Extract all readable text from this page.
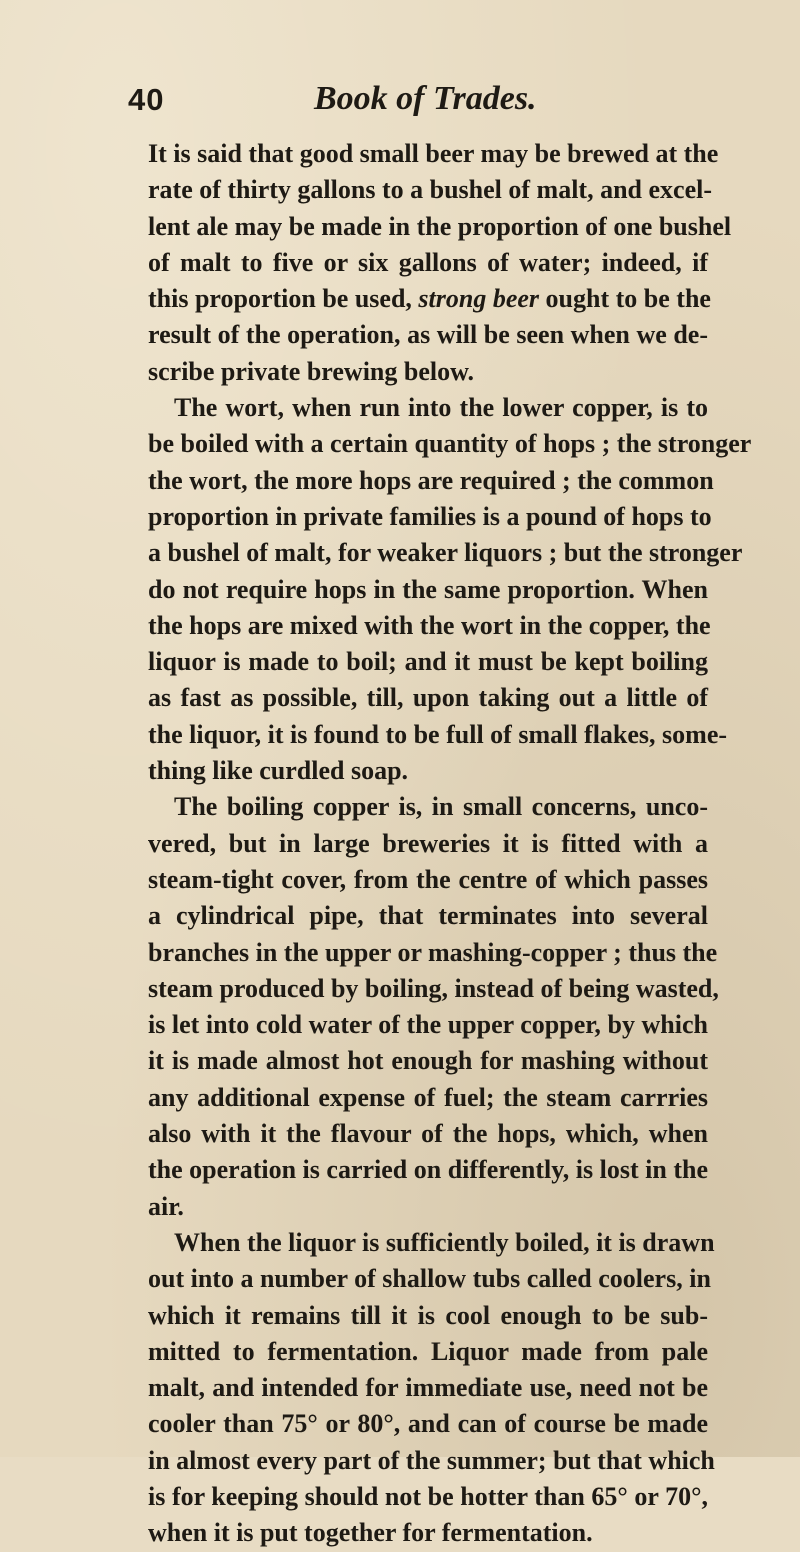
40	Book of Trades.
It is said that good small beer may be brewed at the
rate of thirty gallons to a bushel of malt, and excel-
lent ale may be made in the proportion of one bushel
of malt to five or six gallons of water; indeed, if
this proportion be used, strong beer ought to be the
result of the operation, as will be seen when we de-
scribe private brewing below.
The wort, when run into the lower copper, is to
be boiled with a certain quantity of hops ; the stronger
the wort, the more hops are required ; the common
proportion in private families is a pound of hops to
a bushel of malt, for weaker liquors ; but the stronger
do not require hops in the same proportion. When
the hops are mixed with the wort in the copper, the
liquor is made to boil; and it must be kept boiling
as fast as possible, till, upon taking out a little of
the liquor, it is found to be full of small flakes, some-
thing like curdled soap.
The boiling copper is, in small concerns, unco-
vered, but in large breweries it is fitted with a
steam-tight cover, from the centre of which passes
a cylindrical pipe, that terminates into several
branches in the upper or mashing-copper ; thus the
steam produced by boiling, instead of being wasted,
is let into cold water of the upper copper, by which
it is made almost hot enough for mashing without
any additional expense of fuel; the steam carrries
also with it the flavour of the hops, which, when
the operation is carried on differently, is lost in the
air.
When the liquor is sufficiently boiled, it is drawn
out into a number of shallow tubs called coolers, in
which it remains till it is cool enough to be sub-
mitted to fermentation. Liquor made from pale
malt, and intended for immediate use, need not be
cooler than 75° or 80°, and can of course be made
in almost every part of the summer; but that which
is for keeping should not be hotter than 65° or 70°,
when it is put together for fermentation.
